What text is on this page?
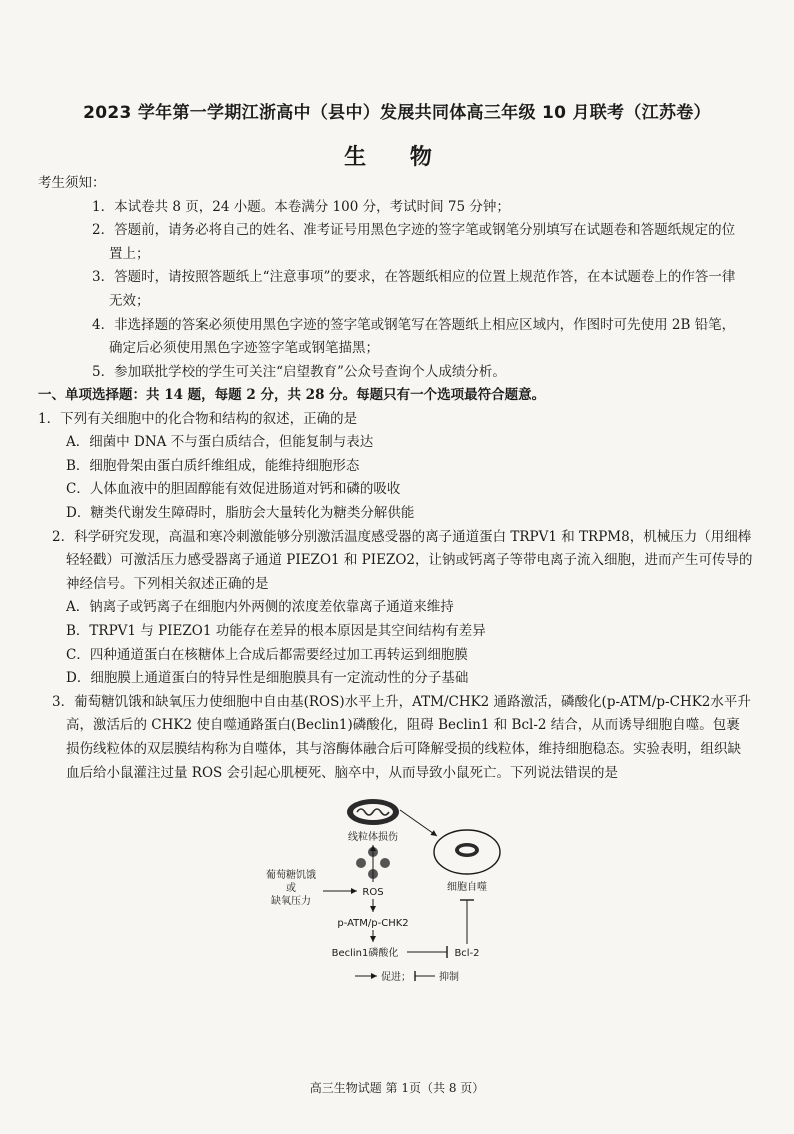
2023 学年第一学期江浙高中（县中）发展共同体高三年级 10 月联考（江苏卷）
生 物
考生须知：
1．本试卷共 8 页，24 小题。本卷满分 100 分，考试时间 75 分钟；
2．答题前，请务必将自己的姓名、准考证号用黑色字迹的签字笔或钢笔分别填写在试题卷和答题纸规定的位置上；
3．答题时，请按照答题纸上“注意事项”的要求，在答题纸相应的位置上规范作答，在本试题卷上的作答一律无效；
4．非选择题的答案必须使用黑色字迹的签字笔或钢笔写在答题纸上相应区域内，作图时可先使用 2B 铅笔，确定后必须使用黑色字迹签字笔或钢笔描黑；
5．参加联批学校的学生可关注“启望教育”公众号查询个人成绩分析。
一、单项选择题：共 14 题，每题 2 分，共 28 分。每题只有一个选项最符合题意。
1．下列有关细胞中的化合物和结构的叙述，正确的是
A．细菌中 DNA 不与蛋白质结合，但能复制与表达
B．细胞骨架由蛋白质纤维组成，能维持细胞形态
C．人体血液中的胆固醇能有效促进肠道对钙和磷的吸收
D．糖类代谢发生障碍时，脂肪会大量转化为糖类分解供能
2．科学研究发现，高温和寒冷刺激能够分别激活温度感受器的离子通道蛋白 TRPV1 和 TRPM8，机械压力（用细棒轻轻戳）可激活压力感受器离子通道 PIEZO1 和 PIEZO2，让钠或钙离子等带电离子流入细胞，进而产生可传导的神经信号。下列相关叙述正确的是
A．钠离子或钙离子在细胞内外两侧的浓度差依靠离子通道来维持
B．TRPV1 与 PIEZO1 功能存在差异的根本原因是其空间结构有差异
C．四种通道蛋白在核糖体上合成后都需要经过加工再转运到细胞膜
D．细胞膜上通道蛋白的特异性是细胞膜具有一定流动性的分子基础
3．葡萄糖饥饿和缺氧压力使细胞中自由基(ROS)水平上升，ATM/CHK2 通路激活，磷酸化(p-ATM/p-CHK2水平升高，激活后的 CHK2 使自噬通路蛋白(Beclin1)磷酸化，阻碍 Beclin1 和 Bcl-2 结合，从而诱导细胞自噬。包裹损伤线粒体的双层膜结构称为自噬体，其与溶酶体融合后可降解受损的线粒体，维持细胞稳态。实验表明，组织缺血后给小鼠灌注过量 ROS 会引起心肌梗死、脑卒中，从而导致小鼠死亡。下列说法错误的是
线粒体损伤
细胞自噬
葡萄糖饥饿
或
缺氧压力
ROS
p-ATM/p-CHK2
Beclin1磷酸化	Bcl-2
促进；	抑制
高三生物试题 第 1页（共 8 页）
